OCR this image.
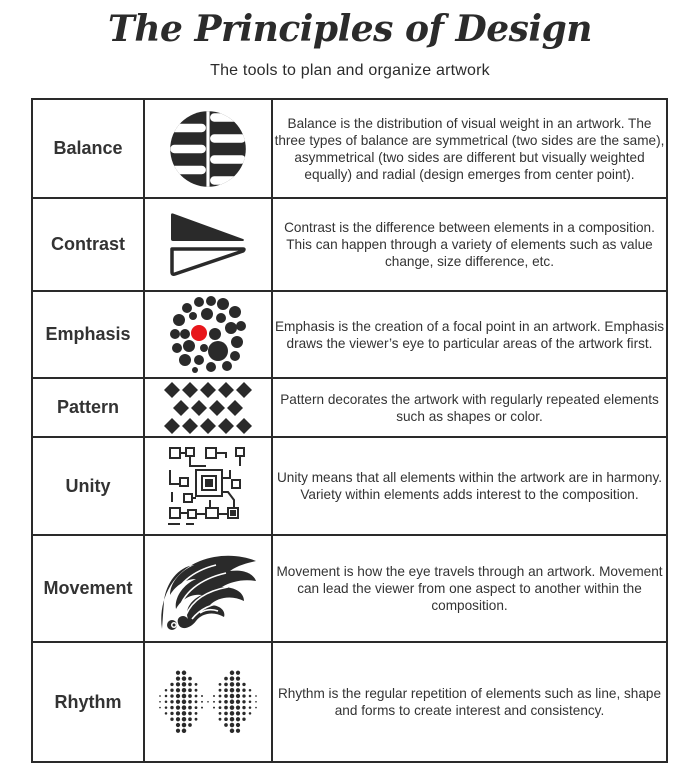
The Principles of Design
The tools to plan and organize artwork
Balance		Balance is the distribution of visual weight in an artwork. The three types of balance are symmetrical (two sides are the same), asymmetrical (two sides are different but visually weighted equally) and radial (design emerges from center point).
Contrast		Contrast is the difference between elements in a composition. This can happen through a variety of elements such as value change, size difference, etc.
Emphasis		Emphasis is the creation of a focal point in an artwork. Emphasis draws the viewer’s eye to particular areas of the artwork first.
Pattern		Pattern decorates the artwork with regularly repeated elements such as shapes or color.
Unity		Unity means that all elements within the artwork are in harmony. Variety within elements adds interest to the composition.
Movement		Movement is how the eye travels through an artwork. Movement can lead the viewer from one aspect to another within the composition.
Rhythm		Rhythm is the regular repetition of elements such as line, shape and forms to create interest and consistency.
